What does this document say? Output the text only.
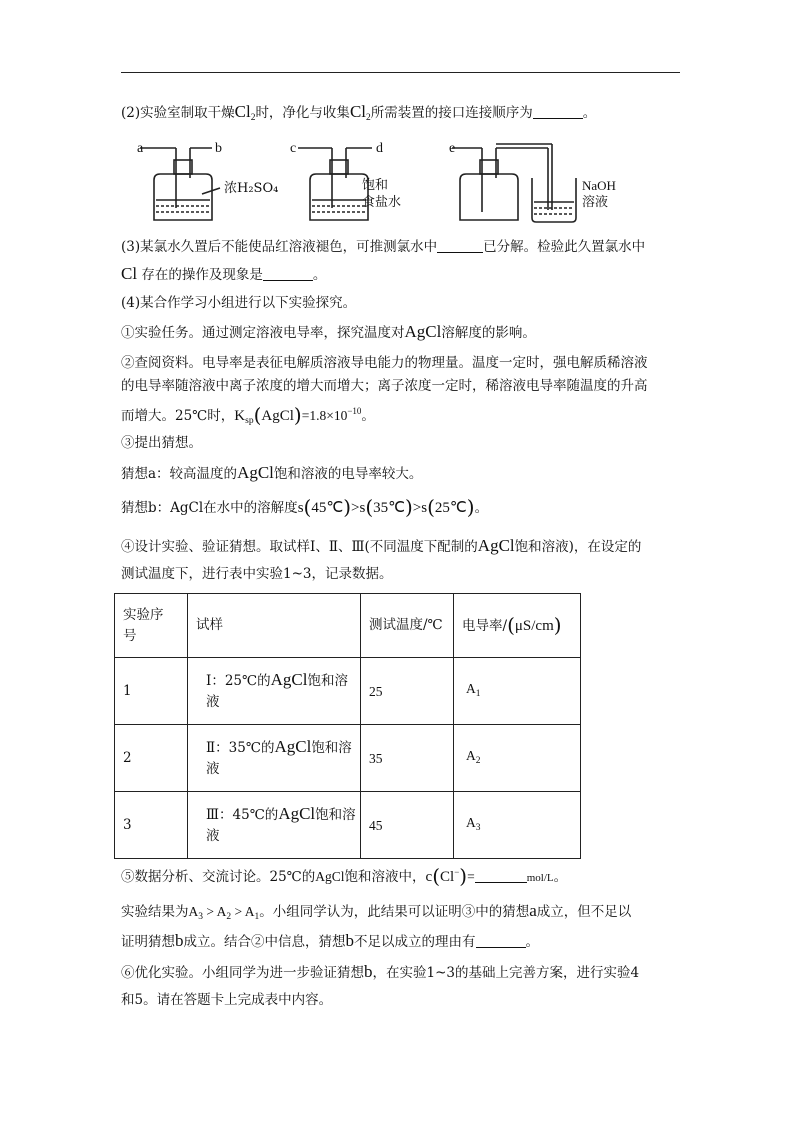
(2)实验室制取干燥$Cl_2$时，净化与收集$Cl_2$所需装置的接口连接顺序为	。
a	b	c	d	e
浓H₂SO₄	饱和
食盐水
NaOH
溶液
(3)某氯水久置后不能使品红溶液褪色，可推测氯水中	已分解。检验此久置氯水中
Cl 存在的操作及现象是	。
(4)某合作学习小组进行以下实验探究。
①实验任务。通过测定溶液电导率，探究温度对AgCl溶解度的影响。
②查阅资料。电导率是表征电解质溶液导电能力的物理量。温度一定时，强电解质稀溶液
的电导率随溶液中离子浓度的增大而增大；离子浓度一定时，稀溶液电导率随温度的升高
而增大。25℃时，$K_{sp}(AgCl)=1.8\times 10^{-10}$。
③提出猜想。
猜想a：较高温度的AgCl饱和溶液的电导率较大。
猜想b：AgCl在水中的溶解度s(45℃)>s(35℃)>s(25℃)。
④设计实验、验证猜想。取试样Ⅰ、Ⅱ、Ⅲ(不同温度下配制的AgCl饱和溶液)，在设定的
测试温度下，进行表中实验1~3，记录数据。
实验序
号	试样	测试温度/℃	电导率/(μS/cm)
1	Ⅰ：25℃的AgCl饱和溶
液	25	$A_1$
2	Ⅱ：35℃的AgCl饱和溶
液	35	$A_2$
3	Ⅲ：45℃的AgCl饱和溶
液	45	$A_3$
⑤数据分析、交流讨论。25℃的AgCl饱和溶液中，c(Cl−)=	mol/L。
实验结果为$A_3 > A_2 > A_1$。小组同学认为，此结果可以证明③中的猜想a成立，但不足以
证明猜想b成立。结合②中信息，猜想b不足以成立的理由有	。
⑥优化实验。小组同学为进一步验证猜想b，在实验1~3的基础上完善方案，进行实验4
和5。请在答题卡上完成表中内容。
